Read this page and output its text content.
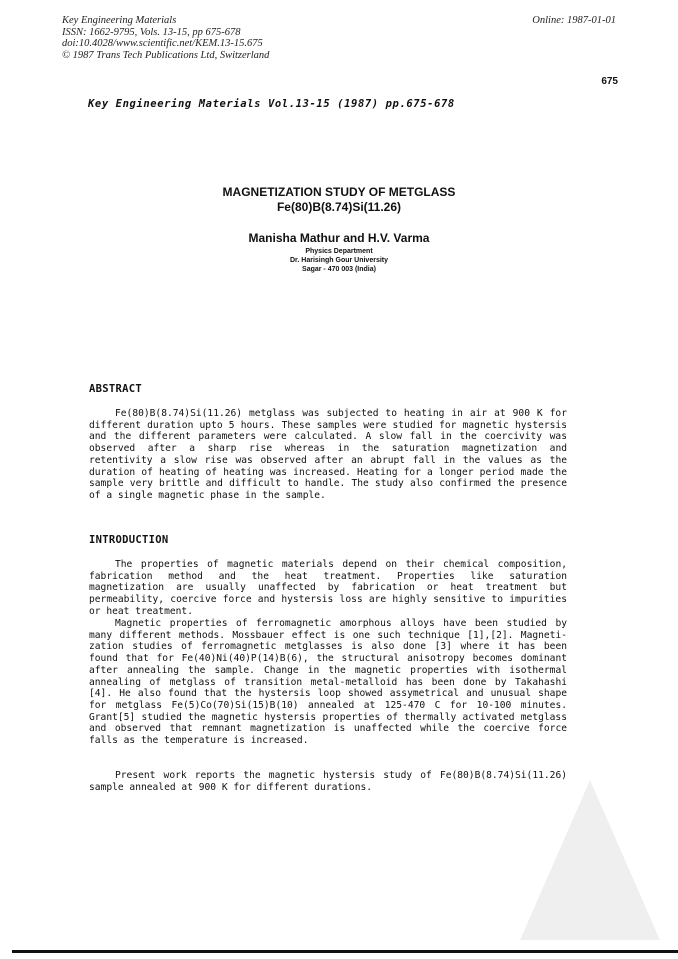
Key Engineering Materials
ISSN: 1662-9795, Vols. 13-15, pp 675-678
doi:10.4028/www.scientific.net/KEM.13-15.675
© 1987 Trans Tech Publications Ltd, Switzerland
Online: 1987-01-01
675
Key Engineering Materials Vol.13-15 (1987) pp.675-678
MAGNETIZATION STUDY OF METGLASS
Fe(80)B(8.74)Si(11.26)
Manisha Mathur and H.V. Varma
Physics Department
Dr. Harisingh Gour University
Sagar - 470 003 (India)
ABSTRACT
Fe(80)B(8.74)Si(11.26) metglass was subjected to heating in air at 900 K for different duration upto 5 hours. These samples were studied for magnetic hystersis and the different parameters were calculated. A slow fall in the coercivity was observed after a sharp rise whereas in the saturation magnetization and retentivity a slow rise was observed after an abrupt fall in the values as the duration of heating of heating was increased. Heating for a longer period made the sample very brittle and difficult to handle. The study also confirmed the presence of a single magnetic phase in the sample.
INTRODUCTION
The properties of magnetic materials depend on their chemical composition, fabrication method and the heat treatment. Properties like saturation magnetization are usually unaffected by fabrication or heat treatment but permeability, coercive force and hystersis loss are highly sensitive to impurities or heat treatment.
Magnetic properties of ferromagnetic amorphous alloys have been studied by many different methods. Mossbauer effect is one such technique [1],[2]. Magneti-zation studies of ferromagnetic metglasses is also done [3] where it has been found that for Fe(40)Ni(40)P(14)B(6), the structural anisotropy becomes dominant after annealing the sample. Change in the magnetic properties with isothermal annealing of metglass of transition metal-metalloid has been done by Takahashi [4]. He also found that the hystersis loop showed assymetrical and unusual shape for metglass Fe(5)Co(70)Si(15)B(10) annealed at 125-470 C for 10-100 minutes. Grant[5] studied the magnetic hystersis properties of thermally activated metglass and observed that remnant magnetization is unaffected while the coercive force falls as the temperature is increased.
Present work reports the magnetic hystersis study of Fe(80)B(8.74)Si(11.26) sample annealed at 900 K for different durations.
